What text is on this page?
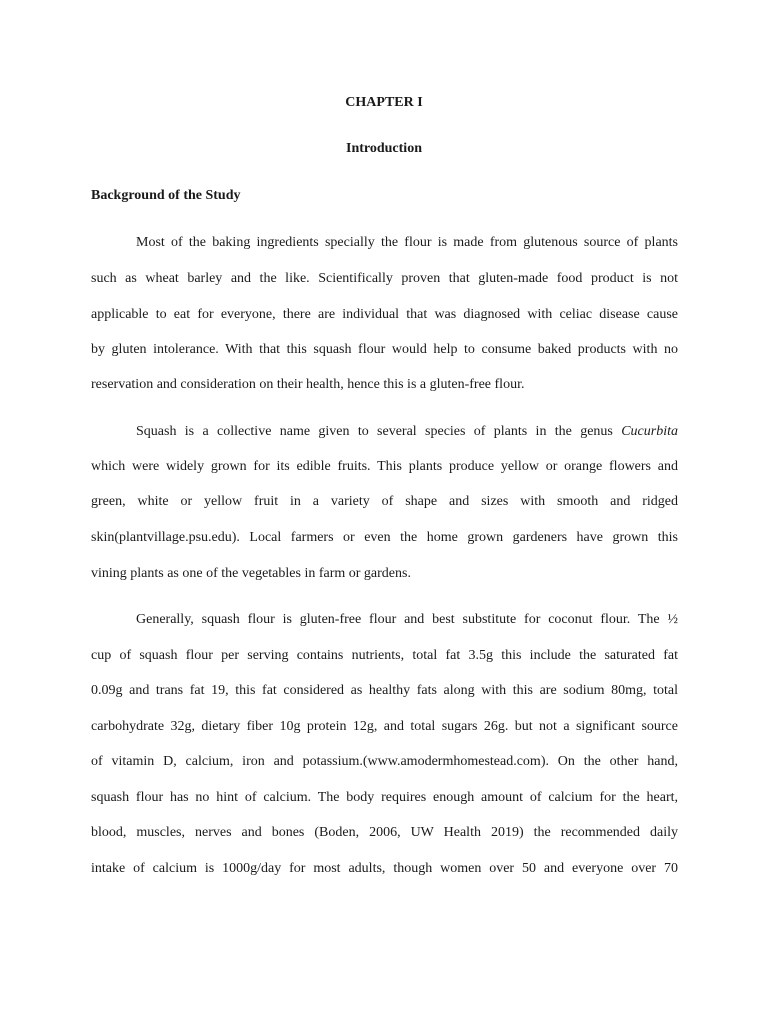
CHAPTER I
Introduction
Background of the Study
Most of the baking ingredients specially the flour is made from glutenous source of plants
such as wheat barley and the like. Scientifically proven that gluten-made food product is not
applicable to eat for everyone, there are individual that was diagnosed with celiac disease cause
by gluten intolerance. With that this squash flour would help to consume baked products with no
reservation and consideration on their health, hence this is a gluten-free flour.
Squash is a collective name given to several species of plants in the genus Cucurbita
which were widely grown for its edible fruits. This plants produce yellow or orange flowers and
green, white or yellow fruit in a variety of shape and sizes with smooth and ridged
skin(plantvillage.psu.edu). Local farmers or even the home grown gardeners have grown this
vining plants as one of the vegetables in farm or gardens.
Generally, squash flour is gluten-free flour and best substitute for coconut flour. The ½
cup of squash flour per serving contains nutrients, total fat 3.5g this include the saturated fat
0.09g and trans fat 19, this fat considered as healthy fats along with this are sodium 80mg, total
carbohydrate 32g, dietary fiber 10g protein 12g, and total sugars 26g. but not a significant source
of vitamin D, calcium, iron and potassium.(www.amodermhomestead.com). On the other hand,
squash flour has no hint of calcium. The body requires enough amount of calcium for the heart,
blood, muscles, nerves and bones (Boden, 2006, UW Health 2019) the recommended daily
intake of calcium is 1000g/day for most adults, though women over 50 and everyone over 70
